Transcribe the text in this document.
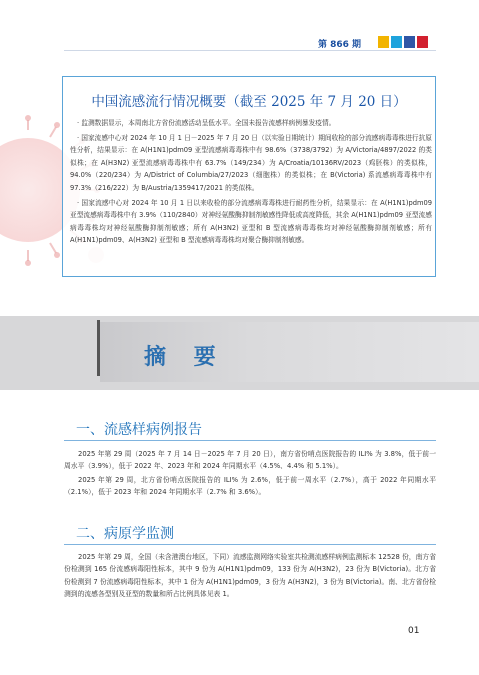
第 866 期
中国流感流行情况概要（截至 2025 年 7 月 20 日）

· 监测数据显示，本周南北方省份流感活动呈低水平。全国未报告流感样病例暴发疫情。

· 国家流感中心对 2024 年 10 月 1 日－2025 年 7 月 20 日（以实验日期统计）期间收检的部分流感病毒毒株进行抗原性分析，结果显示：在 A(H1N1)pdm09 亚型流感病毒毒株中有 98.6%（3738/3792）为 A/Victoria/4897/2022 的类似株；在 A(H3N2) 亚型流感病毒毒株中有 63.7%（149/234）为 A/Croatia/10136RV/2023（鸡胚株）的类似株，94.0%（220/234）为 A/District of Columbia/27/2023（细胞株）的类似株；在 B(Victoria) 系流感病毒毒株中有 97.3%（216/222）为 B/Austria/1359417/2021 的类似株。

· 国家流感中心对 2024 年 10 月 1 日以来收检的部分流感病毒毒株进行耐药性分析，结果显示：在 A(H1N1)pdm09 亚型流感病毒毒株中有 3.9%（110/2840）对神经氨酸酶抑制剂敏感性降低或高度降低，其余 A(H1N1)pdm09 亚型流感病毒毒株均对神经氨酸酶抑制剂敏感；所有 A(H3N2) 亚型和 B 型流感病毒毒株均对神经氨酸酶抑制剂敏感；所有 A(H1N1)pdm09、A(H3N2) 亚型和 B 型流感病毒毒株均对聚合酶抑制剂敏感。

摘 要
一、流感样病例报告

2025 年第 29 周（2025 年 7 月 14 日－2025 年 7 月 20 日），南方省份哨点医院报告的 ILI% 为 3.8%，低于前一周水平（3.9%），低于 2022 年、2023 年和 2024 年同期水平（4.5%、4.4% 和 5.1%）。

2025 年第 29 周，北方省份哨点医院报告的 ILI% 为 2.6%，低于前一周水平（2.7%），高于 2022 年同期水平（2.1%），低于 2023 年和 2024 年同期水平（2.7% 和 3.6%）。

二、病原学监测

2025 年第 29 周，全国（未含港澳台地区，下同）流感监测网络实验室共检测流感样病例监测标本 12528 份，南方省份检测到 165 份流感病毒阳性标本，其中 9 份为 A(H1N1)pdm09，133 份为 A(H3N2)，23 份为 B(Victoria)。北方省份检测到 7 份流感病毒阳性标本，其中 1 份为 A(H1N1)pdm09，3 份为 A(H3N2)，3 份为 B(Victoria)。南、北方省份检测到的流感各型别及亚型的数量和所占比例具体见表 1。

01
